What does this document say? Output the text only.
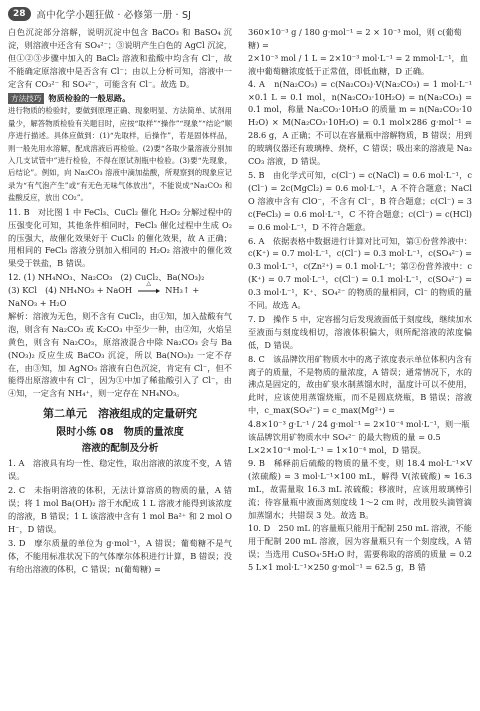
28	高中化学小题狂做 · 必修第一册 · SJ

白色沉淀部分溶解，说明沉淀中包含 BaCO₃ 和 BaSO₄ 沉淀，则溶液中还含有 SO₄²⁻；③说明产生白色的 AgCl 沉淀，但①②③步骤中加入的 BaCl₂ 溶液和盐酸中均含有 Cl⁻，故不能确定原溶液中是否含有 Cl⁻；由以上分析可知，溶液中一定含有 CO₃²⁻ 和 SO₄²⁻，可能含有 Cl⁻。故选 D。

方法技巧 物质检验的一般思路。

进行物质的检验时，要做到原理正确、现象明显、方法简单、试剂用量少，解答物质检验有关题目时，应按“取样”“操作”“现象”“结论”顺序进行描述。具体应做到：(1)“先取样，后操作”，若是固体样品，则一般先用水溶解，配成溶液后再检验。(2)要“各取少量溶液分别加入几支试管中”进行检验，不得在原试剂瓶中检验。(3)要“先现象，后结论”。例如，向 Na₂CO₃ 溶液中滴加盐酸，所观察到的现象应记录为“有气泡产生”或“有无色无味气体放出”，不能说成“Na₂CO₃ 和盐酸反应，放出 CO₂”。

11. B　对比图 1 中 FeCl₃、CuCl₂ 催化 H₂O₂ 分解过程中的压强变化可知，其他条件相同时，FeCl₃ 催化过程中生成 O₂ 的压强大，故催化效果好于 CuCl₂ 的催化效果，故 A 正确；用相同的 FeCl₃ 溶液分别加入相同的 H₂O₂ 溶液中的催化效果受于铁盐，B 错误。

12. (1) NH₄NO₃、Na₂CO₃　(2) CuCl₂、Ba(NO₃)₂

(3) KCl　(4) NH₄NO₃ + NaOH
△
NH₃↑ +

NaNO₃ + H₂O

解析：溶液为无色，则不含有 CuCl₂，由①知，加入盐酸有气泡，则含有 Na₂CO₃ 或 K₂CO₃ 中至少一种，由②知，火焰呈黄色，则含有 Na₂CO₃，原溶液混合中除 Na₂CO₃ 会与 Ba(NO₃)₂ 反应生成 BaCO₃ 沉淀，所以 Ba(NO₃)₂ 一定不存在，由③知，加 AgNO₃ 溶液有白色沉淀，肯定有 Cl⁻，但不能得出原溶液中有 Cl⁻，因为①中加了稀盐酸引入了 Cl⁻，由④知，一定含有 NH₄⁺，则一定存在 NH₄NO₃。

第二单元　溶液组成的定量研究
限时小练 08　物质的量浓度
溶液的配制及分析

1. A　溶液具有均一性、稳定性，取出溶液的浓度不变，A 错误。

2. C　未指明溶液的体积，无法计算溶质的物质的量，A 错误；将 1 mol Ba(OH)₂ 溶于水配成 1 L 溶液才能得到该浓度的溶液，B 错误；1 L 该溶液中含有 1 mol Ba²⁺ 和 2 mol OH⁻，D 错误。

3. D　摩尔质量的单位为 g·mol⁻¹，A 错误；葡萄糖不是气体，不能用标准状况下的气体摩尔体积进行计算，B 错误；没有给出溶液的体积，C 错误；n(葡萄糖) =

360×10⁻³ g / 180 g·mol⁻¹ = 2 × 10⁻³ mol，则 c(葡萄糖) =

2×10⁻³ mol / 1 L = 2×10⁻³ mol·L⁻¹ = 2 mmol·L⁻¹，血液中葡萄糖浓度低于正常值，即低血糖，D 正确。

4. A　n(Na₂CO₃) = c(Na₂CO₃)·V(Na₂CO₃) = 1 mol·L⁻¹×0.1 L = 0.1 mol，n(Na₂CO₃·10H₂O) = n(Na₂CO₃) = 0.1 mol，称量 Na₂CO₃·10H₂O 的质量 m = n(Na₂CO₃·10H₂O) × M(Na₂CO₃·10H₂O) = 0.1 mol×286 g·mol⁻¹ = 28.6 g，A 正确；不可以在容量瓶中溶解物质，B 错误；用到的玻璃仪器还有玻璃棒、烧杯，C 错误；吸出来的溶液是 Na₂CO₃ 溶液，D 错误。

5. B　由化学式可知，c(Cl⁻) = c(NaCl) = 0.6 mol·L⁻¹，c(Cl⁻) = 2c(MgCl₂) = 0.6 mol·L⁻¹，A 不符合题意；NaClO 溶液中含有 ClO⁻，不含有 Cl⁻，B 符合题意；c(Cl⁻) = 3c(FeCl₃) = 0.6 mol·L⁻¹，C 不符合题意；c(Cl⁻) = c(HCl) = 0.6 mol·L⁻¹，D 不符合题意。

6. A　依据表格中数据进行计算对比可知，第①份营养液中：c(K⁺) = 0.7 mol·L⁻¹，c(Cl⁻) = 0.3 mol·L⁻¹，c(SO₄²⁻) = 0.3 mol·L⁻¹，c(Zn²⁺) = 0.1 mol·L⁻¹；第②份营养液中：c(K⁺) = 0.7 mol·L⁻¹，c(Cl⁻) = 0.1 mol·L⁻¹，c(SO₄²⁻) = 0.3 mol·L⁻¹，K⁺、SO₄²⁻ 的物质的量相同，Cl⁻ 的物质的量不同。故选 A。

7. D　操作 5 中，定容摇匀后发现液面低于刻度线，继续加水至液面与刻度线相切，溶液体积偏大，则所配溶液的浓度偏低，D 错误。

8. C　该品牌饮用矿物质水中的离子浓度表示单位体积内含有离子的质量，不是物质的量浓度，A 错误；通常情况下，水的沸点是固定的，故由矿泉水制蒸馏水时，温度计可以不使用，此时，应该使用蒸馏烧瓶，而不是圆底烧瓶，B 错误；溶液中，c_max(SO₄²⁻) = c_max(Mg²⁺) =

4.8×10⁻³ g·L⁻¹ / 24 g·mol⁻¹ = 2×10⁻⁴ mol·L⁻¹，则一瓶该品牌饮用矿物质水中 SO₄²⁻ 的最大物质的量 = 0.5 L×2×10⁻⁴ mol·L⁻¹ = 1×10⁻⁴ mol，D 错误。

9. B　稀释前后硫酸的物质的量不变，则 18.4 mol·L⁻¹×V(浓硫酸) = 3 mol·L⁻¹×100 mL，解得 V(浓硫酸) ≈ 16.3 mL，故需量取 16.3 mL 浓硫酸；移液时，应该用玻璃棒引流；待容量瓶中液面离刻度线 1～2 cm 时，改用胶头滴管滴加蒸馏水；共错误 3 处。故选 B。

10. D　250 mL 的容量瓶只能用于配制 250 mL 溶液，不能用于配制 200 mL 溶液，因为容量瓶只有一个刻度线，A 错误；当选用 CuSO₄·5H₂O 时，需要称取的溶质的质量 = 0.25 L×1 mol·L⁻¹×250 g·mol⁻¹ = 62.5 g，B 错
